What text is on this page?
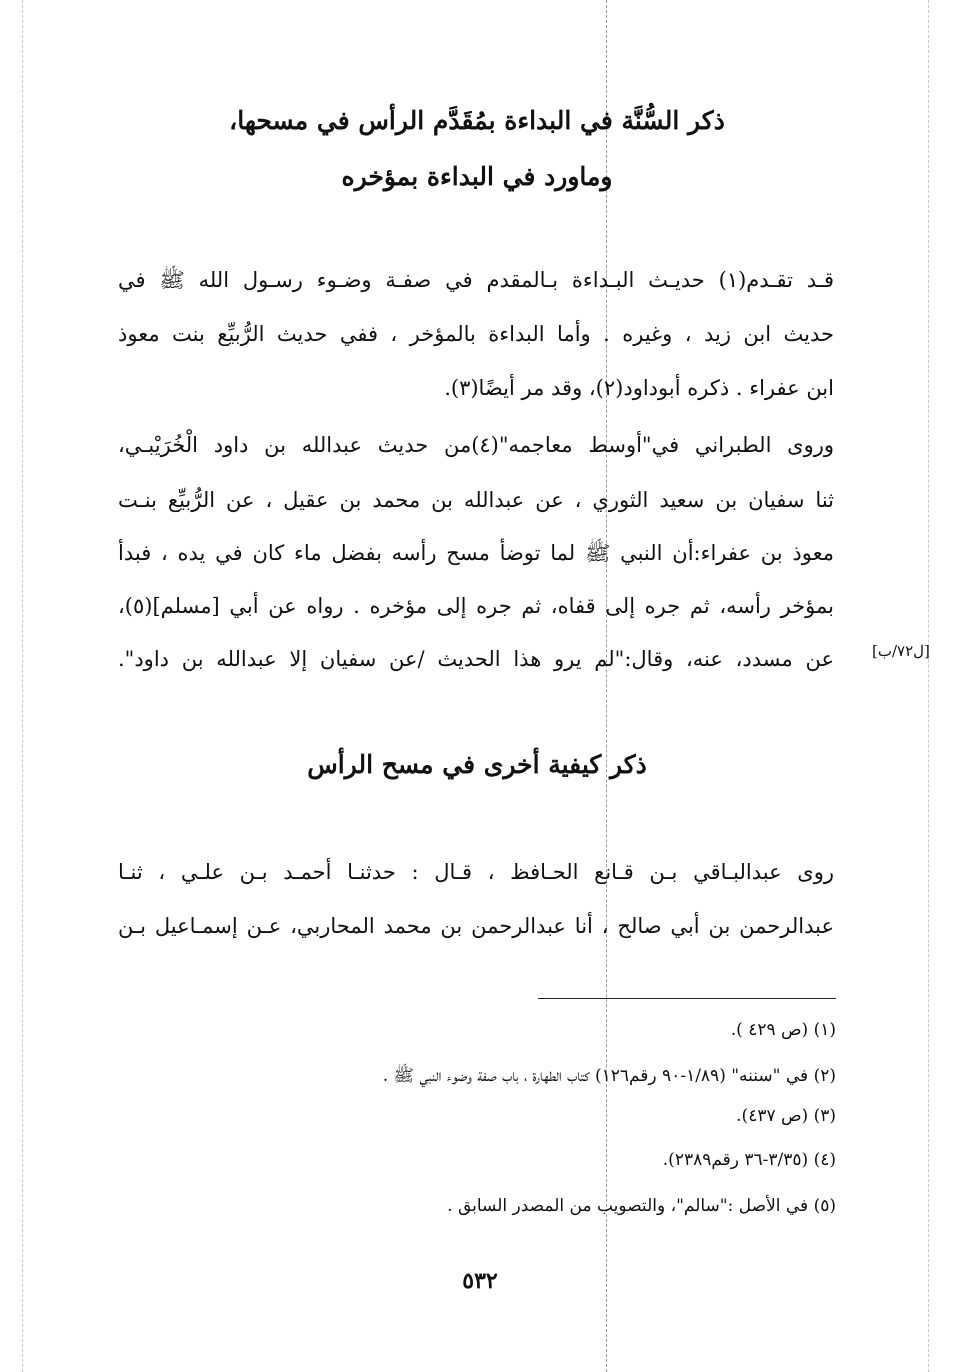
ذكر السُّنَّة في البداءة بمُقَدَّم الرأس في مسحها،
وماورد في البداءة بمؤخره
قـد تقـدم(١) حديـث البـداءة بـالمقدم في صفـة وضـوء رسـول الله ﷺ في
حديث ابن زيد ، وغيره . وأما البداءة بالمؤخر ، ففي حديث الرُّبيِّع بنت معوذ
ابن عفراء . ذكره أبوداود(٢)، وقد مر أيضًا(٣).
وروى الطبراني في"أوسط معاجمه"(٤)من حديث عبدالله بن داود الْخُرَيْبـي،
ثنا سفيان بن سعيد الثوري ، عن عبدالله بن محمد بن عقيل ، عن الرُّبيِّع بنـت
معوذ بن عفراء:أن النبي ﷺ لما توضأ مسح رأسه بفضل ماء كان في يده ، فبدأ
بمؤخر رأسه، ثم جره إلى قفاه، ثم جره إلى مؤخره . رواه عن أبي [مسلم](٥)،
عن مسدد، عنه، وقال:"لم يرو هذا الحديث /عن سفيان إلا عبدالله بن داود".	[ل٧٢/ب]
ذكر كيفية أخرى في مسح الرأس
روى عبدالبـاقي بـن قـانع الحـافظ ، قـال : حدثنـا أحمـد بـن علـي ، ثنـا
عبدالرحمن بن أبي صالح ، أنا عبدالرحمن بن محمد المحاربي، عـن إسمـاعيل بـن
(١) (ص ٤٢٩ ).
(٢) في "سننه" (١/٨٩-٩٠ رقم١٢٦) كتاب الطهارة ، باب صفة وضوء النبي ﷺ .
(٣) (ص ٤٣٧).
(٤) (٣/٣٥-٣٦ رقم٢٣٨٩).
(٥) في الأصل :"سالم"، والتصويب من المصدر السابق .
٥٣٢
